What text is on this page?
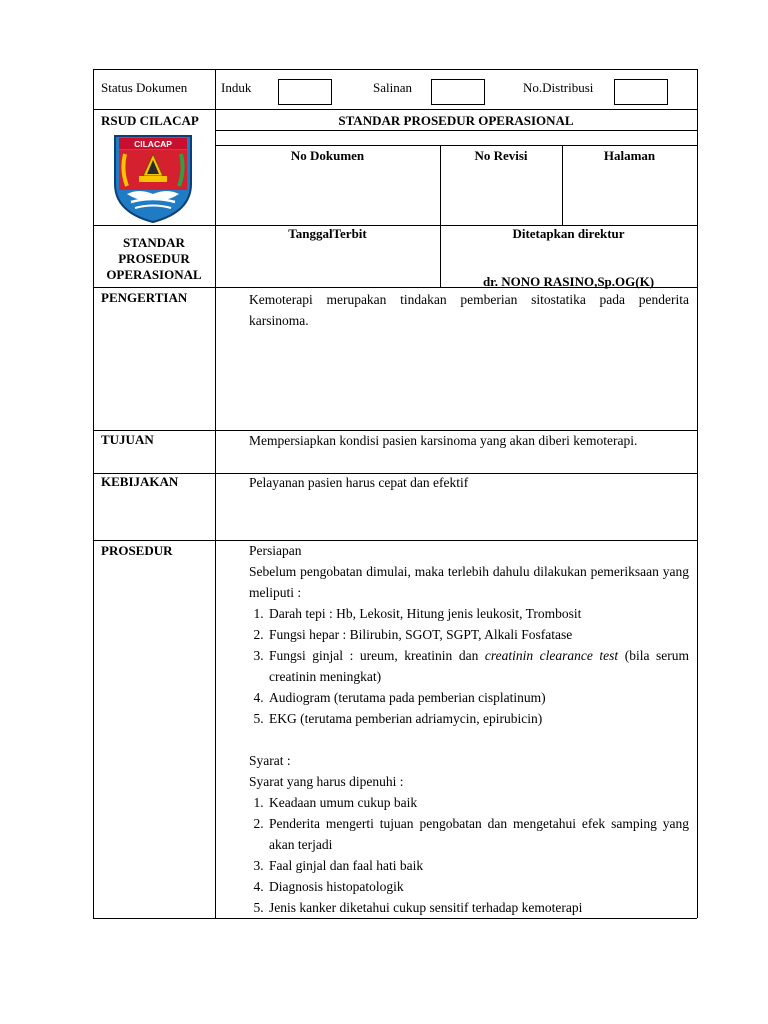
Status Dokumen	Induk	Salinan	No.Distribusi
RSUD CILACAP	STANDAR PROSEDUR OPERASIONAL
CILACAP
No Dokumen	No Revisi	Halaman
STANDAR
PROSEDUR
OPERASIONAL
TanggalTerbit	Ditetapkan direktur
dr. NONO RASINO,Sp.OG(K)
PENGERTIAN	Kemoterapi merupakan tindakan pemberian sitostatika pada penderita karsinoma.
TUJUAN	Mempersiapkan kondisi pasien karsinoma yang akan diberi kemoterapi.
KEBIJAKAN	Pelayanan pasien harus cepat dan efektif
PROSEDUR	Persiapan
Sebelum pengobatan dimulai, maka terlebih dahulu dilakukan pemeriksaan yang meliputi :
1. Darah tepi : Hb, Lekosit, Hitung jenis leukosit, Trombosit
2. Fungsi hepar : Bilirubin, SGOT, SGPT, Alkali Fosfatase
3. Fungsi ginjal : ureum, kreatinin dan creatinin clearance test (bila serum creatinin meningkat)
4. Audiogram (terutama pada pemberian cisplatinum)
5. EKG (terutama pemberian adriamycin, epirubicin)
Syarat :
Syarat yang harus dipenuhi :
1. Keadaan umum cukup baik
2. Penderita mengerti tujuan pengobatan dan mengetahui efek samping yang akan terjadi
3. Faal ginjal dan faal hati baik
4. Diagnosis histopatologik
5. Jenis kanker diketahui cukup sensitif terhadap kemoterapi
